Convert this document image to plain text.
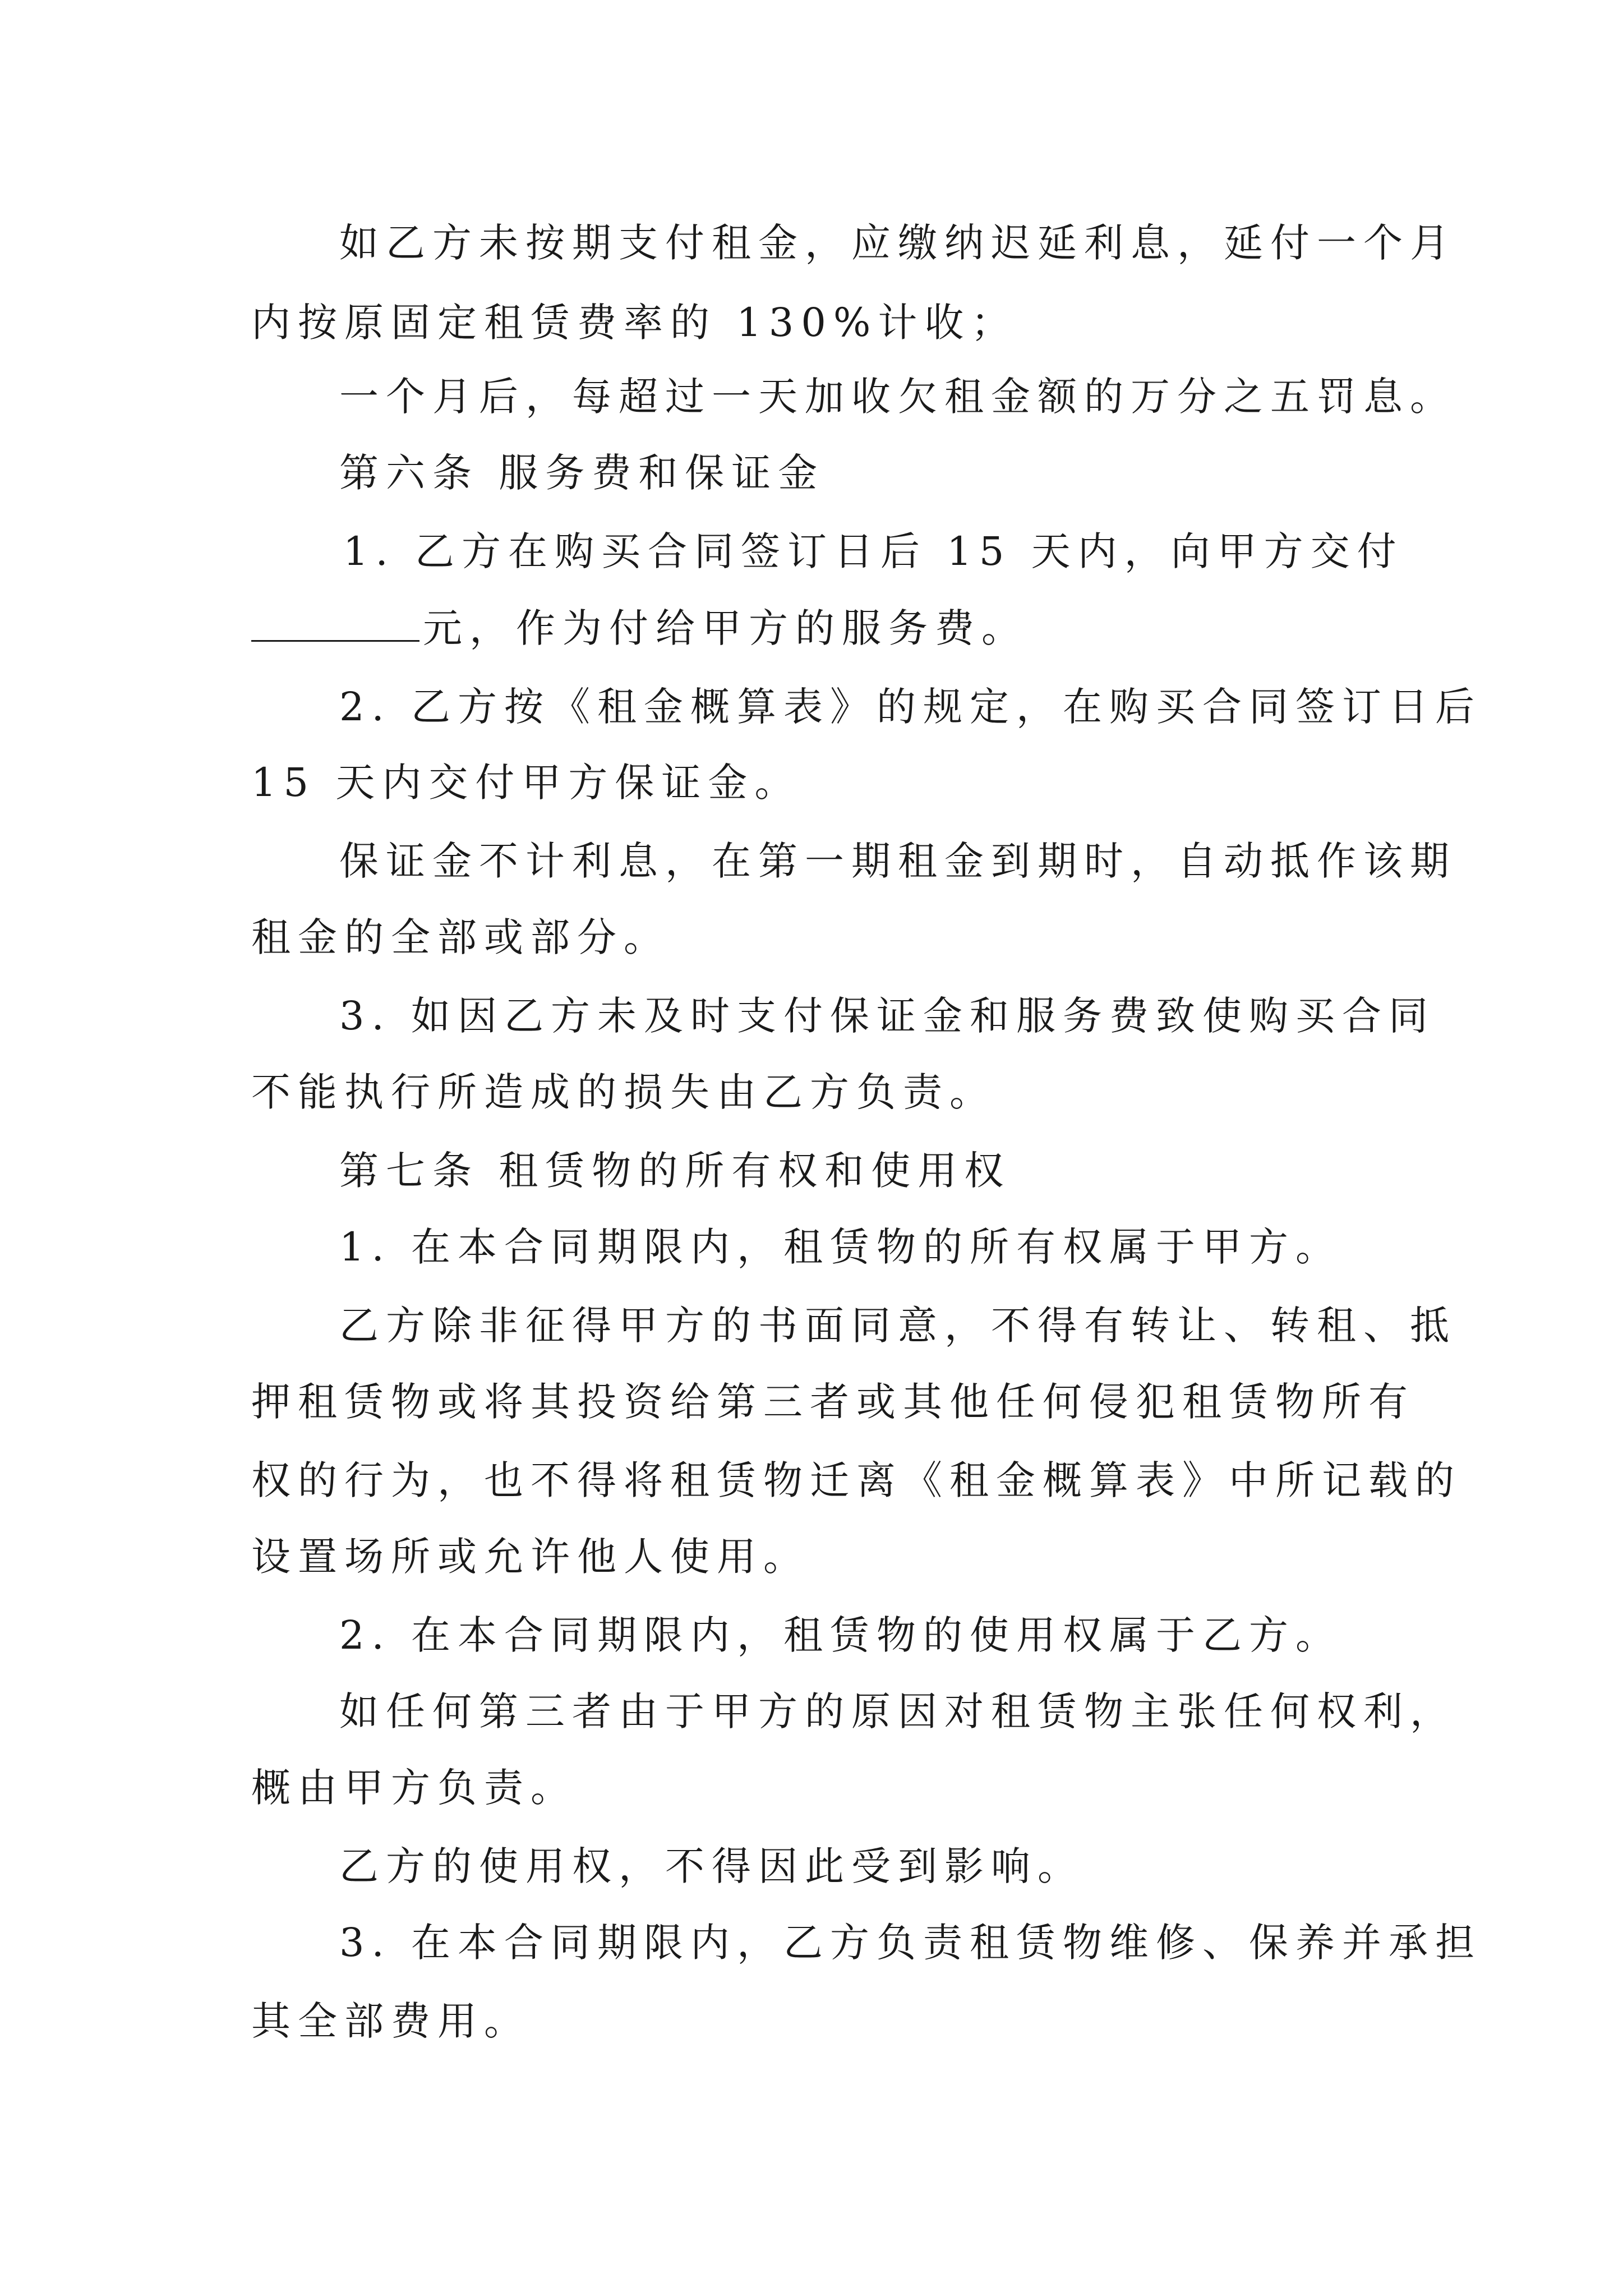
如乙方未按期支付租金，应缴纳迟延利息，延付一个月
内按原固定租赁费率的 130%计收；
一个月后，每超过一天加收欠租金额的万分之五罚息。
第六条 服务费和保证金
1. 乙方在购买合同签订日后 15 天内，向甲方交付
元，作为付给甲方的服务费。
2. 乙方按《租金概算表》的规定，在购买合同签订日后
15 天内交付甲方保证金。
保证金不计利息，在第一期租金到期时，自动抵作该期
租金的全部或部分。
3. 如因乙方未及时支付保证金和服务费致使购买合同
不能执行所造成的损失由乙方负责。
第七条 租赁物的所有权和使用权
1. 在本合同期限内，租赁物的所有权属于甲方。
乙方除非征得甲方的书面同意，不得有转让、转租、抵
押租赁物或将其投资给第三者或其他任何侵犯租赁物所有
权的行为，也不得将租赁物迁离《租金概算表》中所记载的
设置场所或允许他人使用。
2. 在本合同期限内，租赁物的使用权属于乙方。
如任何第三者由于甲方的原因对租赁物主张任何权利，
概由甲方负责。
乙方的使用权，不得因此受到影响。
3. 在本合同期限内，乙方负责租赁物维修、保养并承担
其全部费用。
